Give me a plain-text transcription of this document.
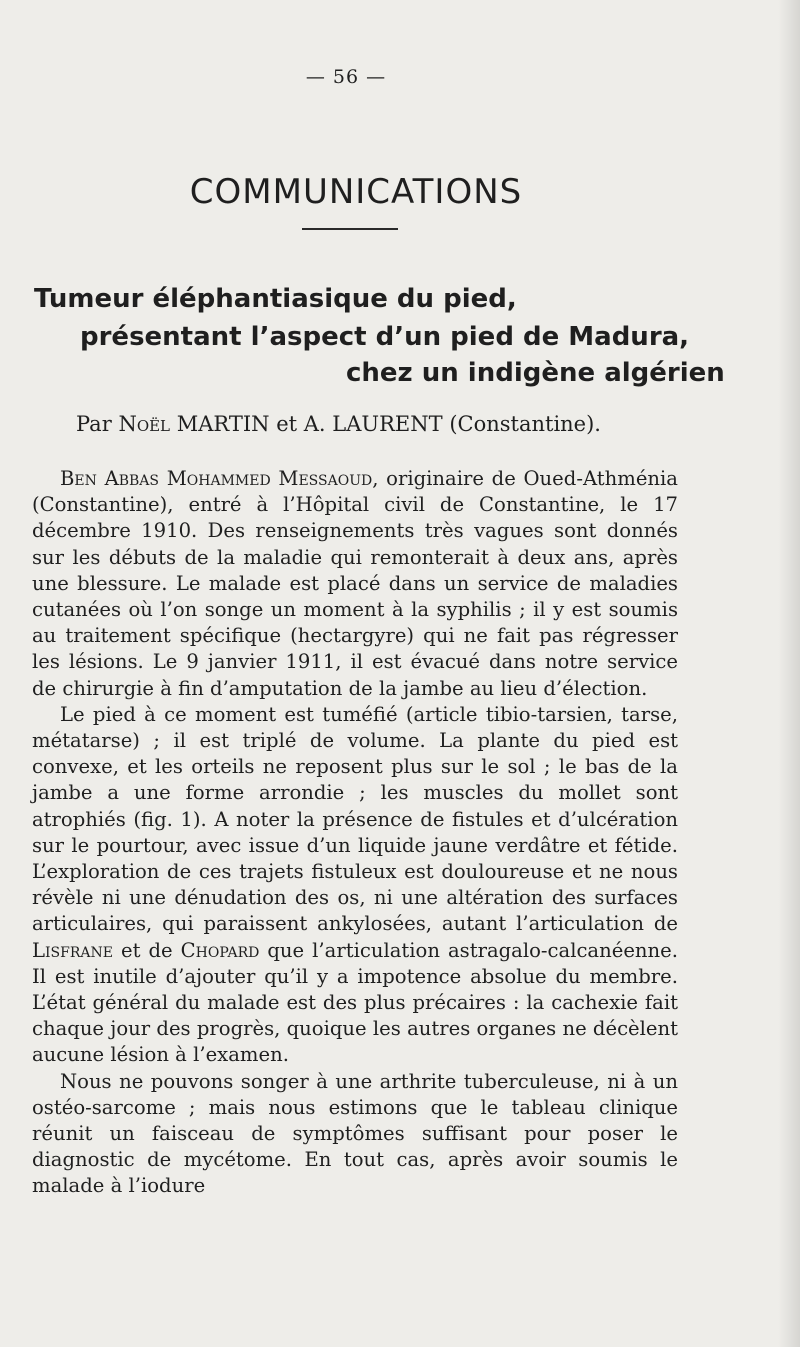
— 56 —
COMMUNICATIONS
Tumeur éléphantiasique du pied,
présentant l’aspect d’un pied de Madura,
chez un indigène algérien
Par Noël MARTIN et A. LAURENT (Constantine).

Ben Abbas Mohammed Messaoud, originaire de Oued-Athménia (Constantine), entré à l’Hôpital civil de Constantine, le 17 décembre 1910. Des renseignements très vagues sont donnés sur les débuts de la maladie qui remonterait à deux ans, après une blessure. Le malade est placé dans un service de maladies cutanées où l’on songe un moment à la syphilis ; il y est soumis au traitement spécifique (hectargyre) qui ne fait pas régresser les lésions. Le 9 janvier 1911, il est évacué dans notre service de chirurgie à fin d’amputation de la jambe au lieu d’élection.

Le pied à ce moment est tuméfié (article tibio-tarsien, tarse, métatarse) ; il est triplé de volume. La plante du pied est convexe, et les orteils ne reposent plus sur le sol ; le bas de la jambe a une forme arrondie ; les muscles du mollet sont atrophiés (fig. 1). A noter la présence de fistules et d’ulcération sur le pourtour, avec issue d’un liquide jaune verdâtre et fétide. L’exploration de ces trajets fistuleux est douloureuse et ne nous révèle ni une dénudation des os, ni une altération des surfaces articulaires, qui paraissent ankylosées, autant l’articulation de Lisfrane et de Chopard que l’articulation astragalo-calcanéenne. Il est inutile d’ajouter qu’il y a impotence absolue du membre. L’état général du malade est des plus précaires : la cachexie fait chaque jour des progrès, quoique les autres organes ne décèlent aucune lésion à l’examen.

Nous ne pouvons songer à une arthrite tuberculeuse, ni à un ostéo-sarcome ; mais nous estimons que le tableau clinique réunit un faisceau de symptômes suffisant pour poser le diagnostic de mycétome. En tout cas, après avoir soumis le malade à l’iodure
